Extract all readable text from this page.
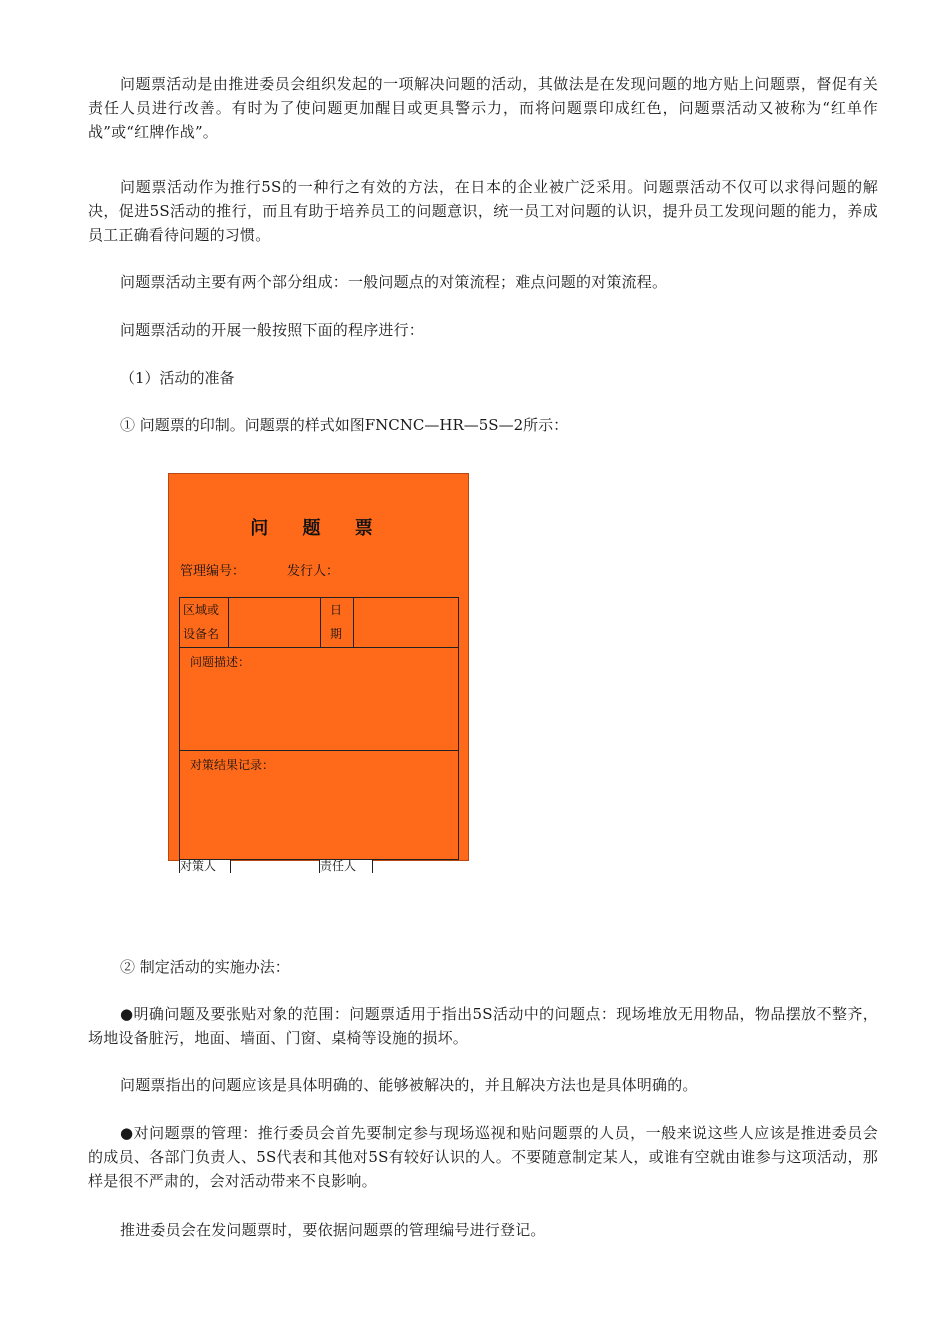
问题票活动是由推进委员会组织发起的一项解决问题的活动，其做法是在发现问题的地方贴上问题票，督促有关责任人员进行改善。有时为了使问题更加醒目或更具警示力，而将问题票印成红色，问题票活动又被称为“红单作战”或“红牌作战”。

问题票活动作为推行5S的一种行之有效的方法，在日本的企业被广泛采用。问题票活动不仅可以求得问题的解决，促进5S活动的推行，而且有助于培养员工的问题意识，统一员工对问题的认识，提升员工发现问题的能力，养成员工正确看待问题的习惯。

问题票活动主要有两个部分组成：一般问题点的对策流程；难点问题的对策流程。

问题票活动的开展一般按照下面的程序进行：

（1）活动的准备

① 问题票的印制。问题票的样式如图FNCNC—HR—5S—2所示：

问 题 票
管理编号：	发行人：
区域或
设备名
日
期
问题描述：
对策结果记录：
对策人	责任人

② 制定活动的实施办法：

●明确问题及要张贴对象的范围：问题票适用于指出5S活动中的问题点：现场堆放无用物品，物品摆放不整齐，场地设备脏污，地面、墙面、门窗、桌椅等设施的损坏。

问题票指出的问题应该是具体明确的、能够被解决的，并且解决方法也是具体明确的。

●对问题票的管理：推行委员会首先要制定参与现场巡视和贴问题票的人员，一般来说这些人应该是推进委员会的成员、各部门负责人、5S代表和其他对5S有较好认识的人。不要随意制定某人，或谁有空就由谁参与这项活动，那样是很不严肃的，会对活动带来不良影响。

推进委员会在发问题票时，要依据问题票的管理编号进行登记。
